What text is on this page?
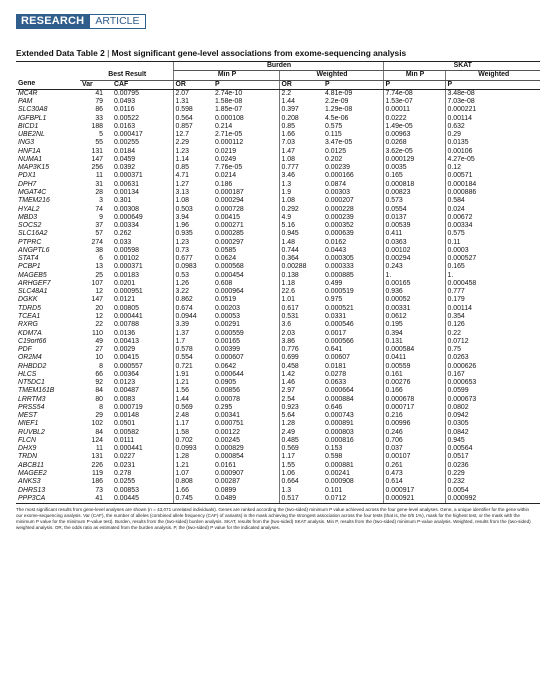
RESEARCH	ARTICLE
Extended Data Table 2 | Most significant gene-level associations from exome-sequencing analysis
			Burden				SKAT	
	Best Result		Min P		Weighted		Min P	Weighted
Gene	Var	CAF	OR	P	OR	P	P	P
MC4R	41	0.00795	2.07	2.74e-10	2.2	4.81e-09	7.74e-08	3.48e-08
PAM	79	0.0493	1.31	1.58e-08	1.44	2.2e-09	1.53e-07	7.03e-08
SLC30A8	86	0.0116	0.598	1.85e-07	0.397	1.29e-08	0.00011	0.000221
IGFBPL1	33	0.00522	0.564	0.000108	0.208	4.5e-06	0.0222	0.00114
BICD1	188	0.0163	0.857	0.214	0.85	0.575	1.49e-05	0.632
UBE2NL	5	0.000417	12.7	2.71e-05	1.66	0.115	0.00963	0.29
ING3	55	0.00255	2.29	0.000112	7.03	3.47e-05	0.0268	0.0135
HNF1A	131	0.0184	1.23	0.0219	1.47	0.0125	3.62e-05	0.00106
NUMA1	147	0.0459	1.14	0.0249	1.08	0.202	0.000129	4.27e-05
MAP3K15	256	0.0392	0.85	7.76e-05	0.777	0.00239	0.0035	0.12
PDX1	11	0.000371	4.71	0.0214	3.46	0.000166	0.165	0.00571
DPH7	31	0.00631	1.27	0.186	1.3	0.0874	0.000818	0.000184
MGAT4C	28	0.00134	3.13	0.000187	1.9	0.00303	0.00823	0.000886
TMEM216	3	0.301	1.08	0.000294	1.08	0.000207	0.573	0.584
HYAL2	74	0.00308	0.503	0.000728	0.292	0.000228	0.0554	0.024
MBD3	9	0.000649	3.94	0.00415	4.9	0.000239	0.0137	0.00672
SOCS2	37	0.00334	1.96	0.000271	5.16	0.000352	0.00539	0.00334
SLC16A2	57	0.262	0.935	0.000285	0.945	0.000639	0.411	0.575
PTPRC	274	0.033	1.23	0.000297	1.48	0.0162	0.0363	0.11
ANGPTL6	38	0.00598	0.73	0.0585	0.744	0.0443	0.00102	0.0003
STAT4	6	0.00102	0.677	0.0624	0.364	0.000305	0.00294	0.000527
PCBP1	13	0.000371	0.0983	0.000568	0.00288	0.000333	0.243	0.165
MAGEB5	25	0.00183	0.53	0.000454	0.138	0.000885	1.	1.
ARHGEF7	107	0.0201	1.26	0.608	1.18	0.499	0.00165	0.000458
SLC48A1	12	0.000951	3.22	0.000964	22.6	0.000519	0.936	0.777
DGKK	147	0.0121	0.862	0.0519	1.01	0.975	0.00052	0.179
TDRD5	20	0.00805	0.674	0.00203	0.617	0.000521	0.00331	0.00114
TCEA1	12	0.000441	0.0944	0.00053	0.531	0.0331	0.0612	0.354
RXRG	22	0.00788	3.39	0.00291	3.6	0.000546	0.195	0.126
KDM7A	110	0.0136	1.37	0.000559	2.03	0.0017	0.394	0.22
C19orf66	49	0.00413	1.7	0.00165	3.86	0.000566	0.131	0.0712
PDF	27	0.0029	0.578	0.00399	0.776	0.641	0.000584	0.75
OR2M4	10	0.00415	0.554	0.000607	0.699	0.00607	0.0411	0.0263
RHBDD2	8	0.000557	0.721	0.0642	0.458	0.0181	0.00559	0.000626
HLCS	66	0.00364	1.91	0.000644	1.42	0.0278	0.161	0.167
NT5DC1	92	0.0123	1.21	0.0905	1.46	0.0633	0.00276	0.000653
TMEM161B	84	0.00487	1.56	0.00856	2.97	0.000664	0.166	0.0599
LRRTM3	80	0.0083	1.44	0.00078	2.54	0.000884	0.000678	0.000673
PRSS54	8	0.000719	0.569	0.295	0.923	0.646	0.000717	0.0802
MEST	29	0.00148	2.48	0.00341	5.64	0.000743	0.216	0.0942
MIEF1	102	0.0501	1.17	0.000751	1.28	0.000891	0.00996	0.0305
RUVBL2	84	0.00582	1.58	0.00122	2.49	0.000803	0.246	0.0842
FLCN	124	0.0111	0.702	0.00245	0.485	0.000816	0.706	0.945
DHX9	11	0.000441	0.0993	0.000829	0.569	0.153	0.037	0.00564
TRDN	131	0.0227	1.28	0.000854	1.17	0.598	0.00107	0.0517
ABCB11	226	0.0231	1.21	0.0161	1.55	0.000881	0.261	0.0236
MAGEE2	119	0.278	1.07	0.000907	1.06	0.00241	0.473	0.229
ANKS3	186	0.0255	0.808	0.00287	0.664	0.000908	0.614	0.232
DHRS13	73	0.00853	1.66	0.0899	1.3	0.101	0.000917	0.0054
PPP3CA	41	0.00445	0.745	0.0489	0.517	0.0712	0.000921	0.000992
The most significant results from gene-level analyses are shown (n = 43,071 unrelated individuals). Genes are ranked according the (two-sided) minimum P value achieved across the four gene-level analyses. Gene, a unique identifier for the gene within our exome-sequencing analysis. Var (CAF), the number of alleles (combined allele frequency (CAF) of variants) in the mask achieving the strongest association across the four tests (that is, the 0/5 1%), mask for the highest test, or the mask with the minimum P value for the minimum P-value test). Burden, results from the (two-sided) burden analysis. SKAT, results from the (two-sided) SKAT analysis. Min P, results from the (two-sided) minimum P-value analysis. Weighted, results from the (two-sided) weighted analysis. OR, the odds ratio as estimated from the burden analysis. P, the (two-sided) P value for the indicated analyses.
